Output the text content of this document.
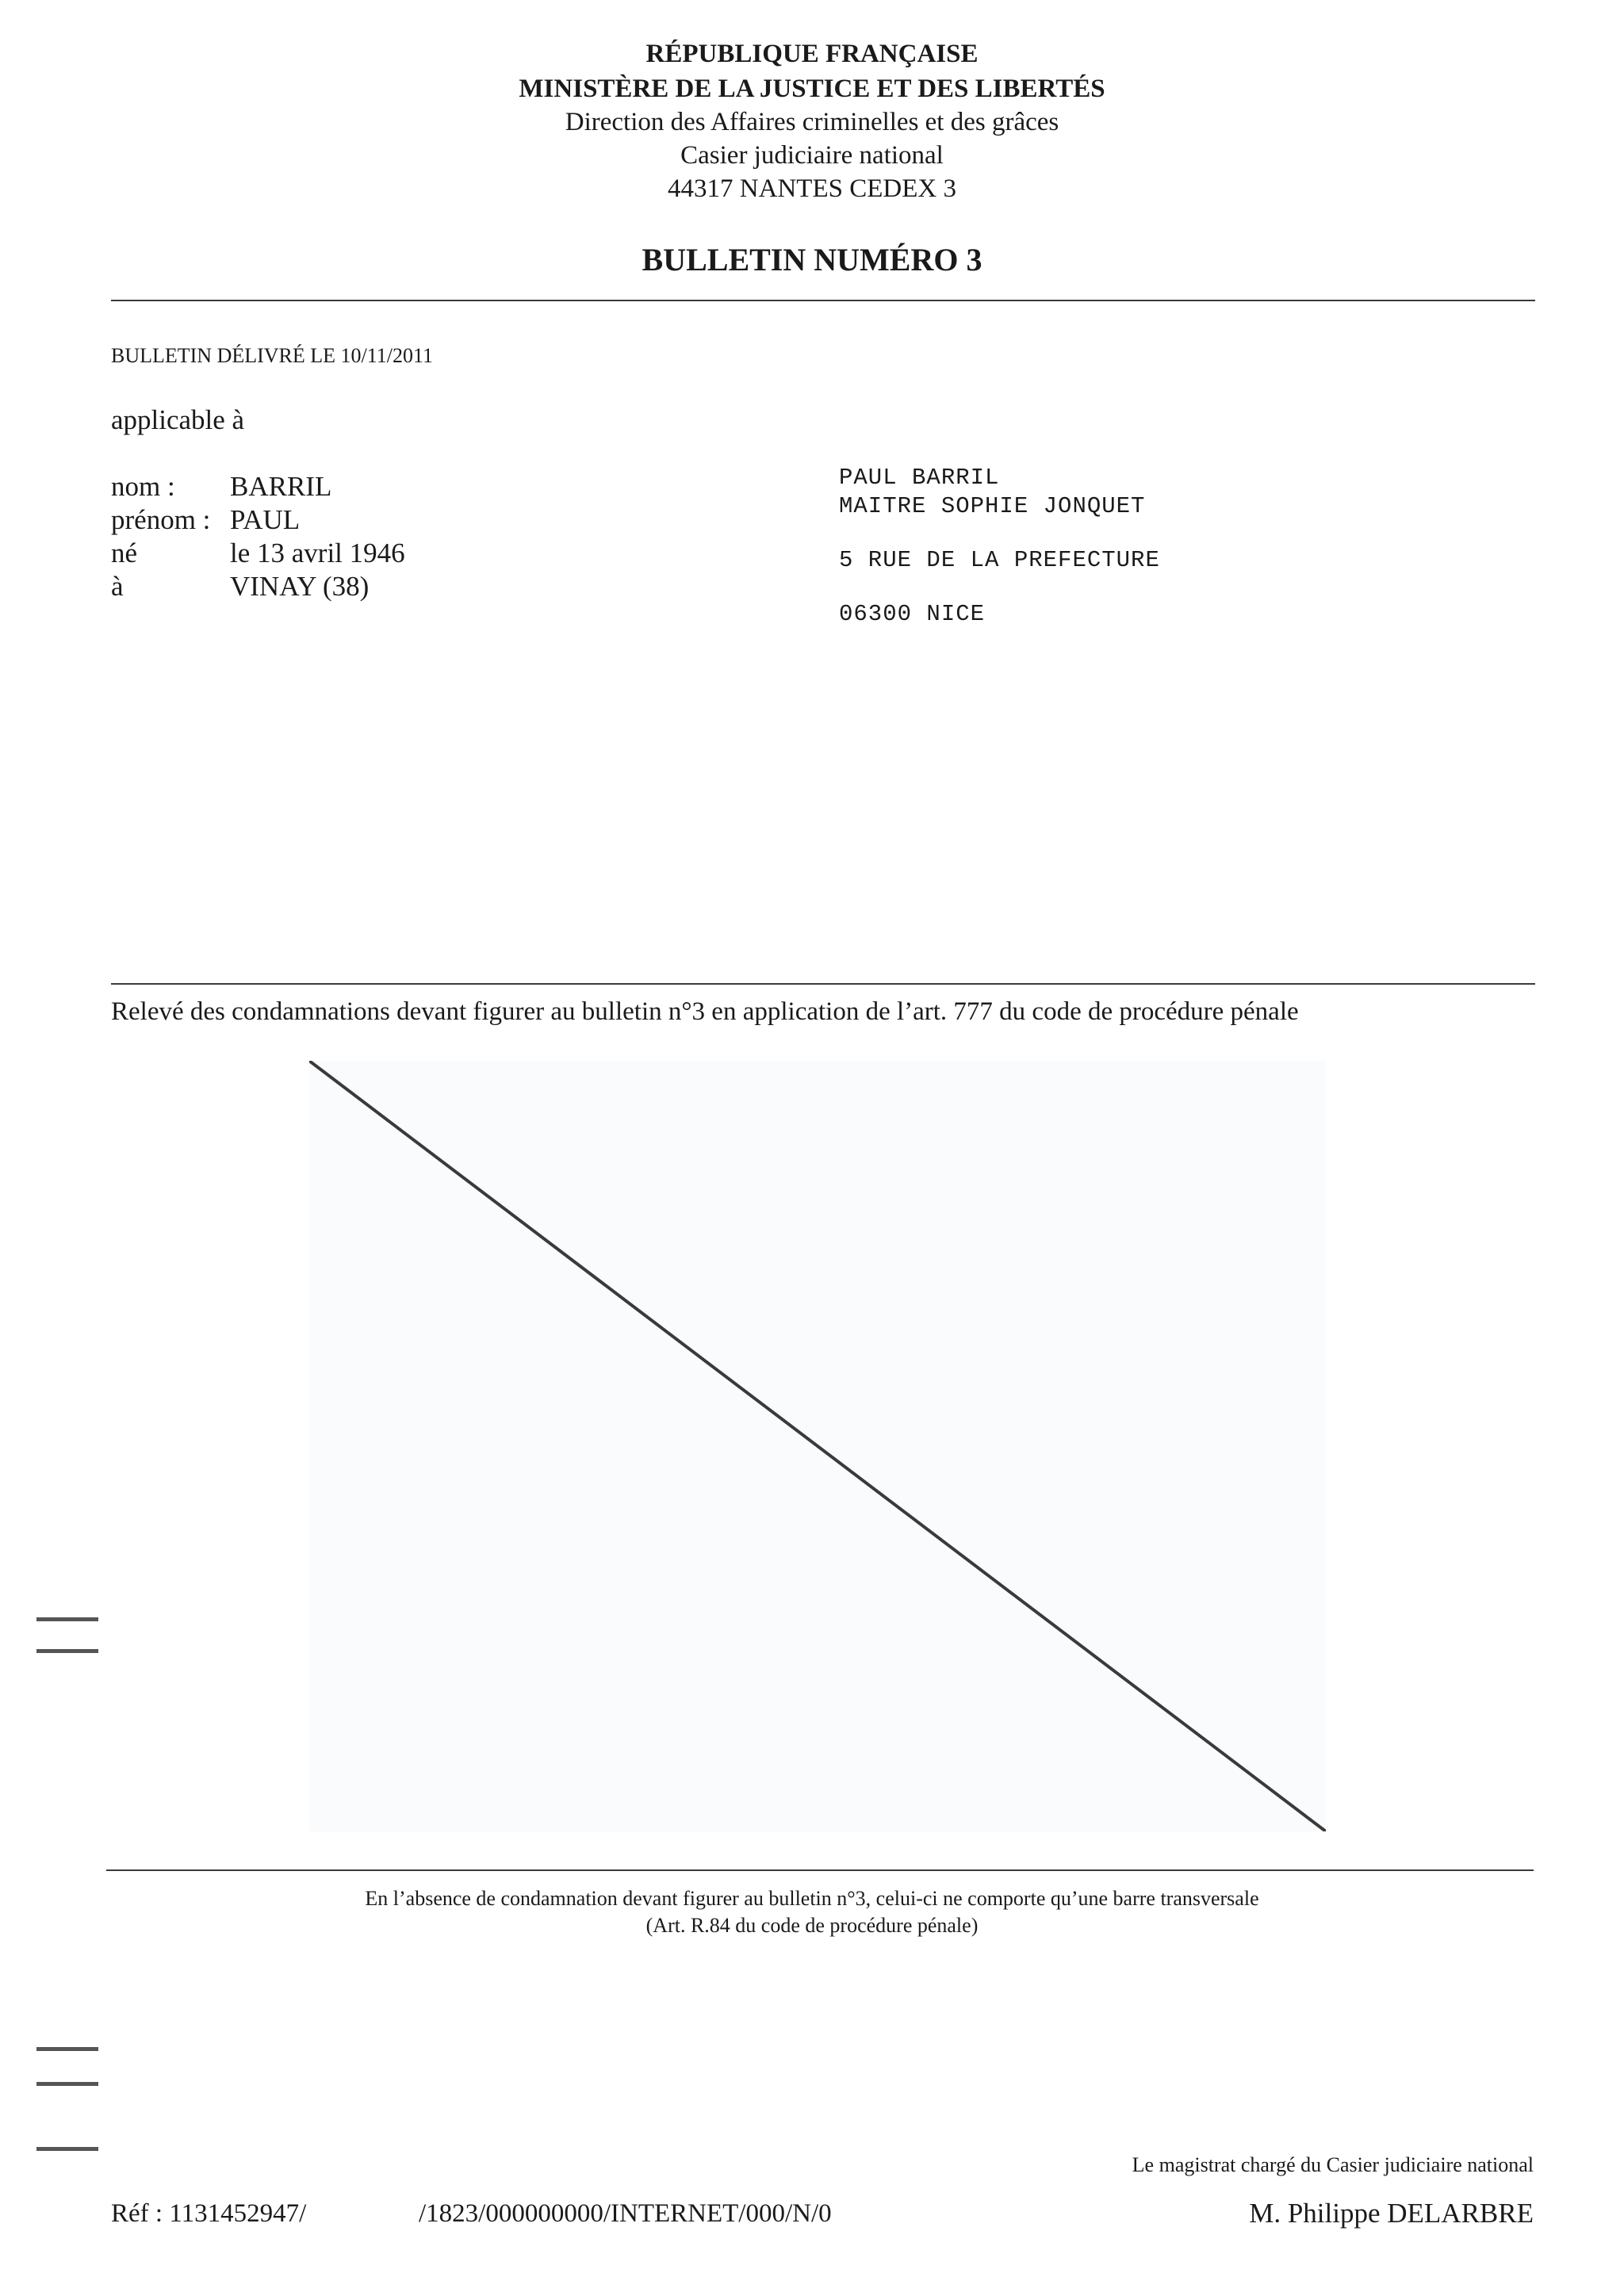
RÉPUBLIQUE FRANÇAISE
MINISTÈRE DE LA JUSTICE ET DES LIBERTÉS
Direction des Affaires criminelles et des grâces
Casier judiciaire national
44317 NANTES CEDEX 3
BULLETIN NUMÉRO 3
BULLETIN DÉLIVRÉ LE 10/11/2011
applicable à
nom : BARRIL
prénom : PAUL
né	le 13 avril 1946
à	VINAY (38)
PAUL BARRIL
MAITRE SOPHIE JONQUET
5 RUE DE LA PREFECTURE
06300 NICE
Relevé des condamnations devant figurer au bulletin n°3 en application de l’art. 777 du code de procédure pénale
En l’absence de condamnation devant figurer au bulletin n°3, celui-ci ne comporte qu’une barre transversale
(Art. R.84 du code de procédure pénale)
Le magistrat chargé du Casier judiciaire national
Réf : 1131452947/	/1823/000000000/INTERNET/000/N/0	M. Philippe DELARBRE
